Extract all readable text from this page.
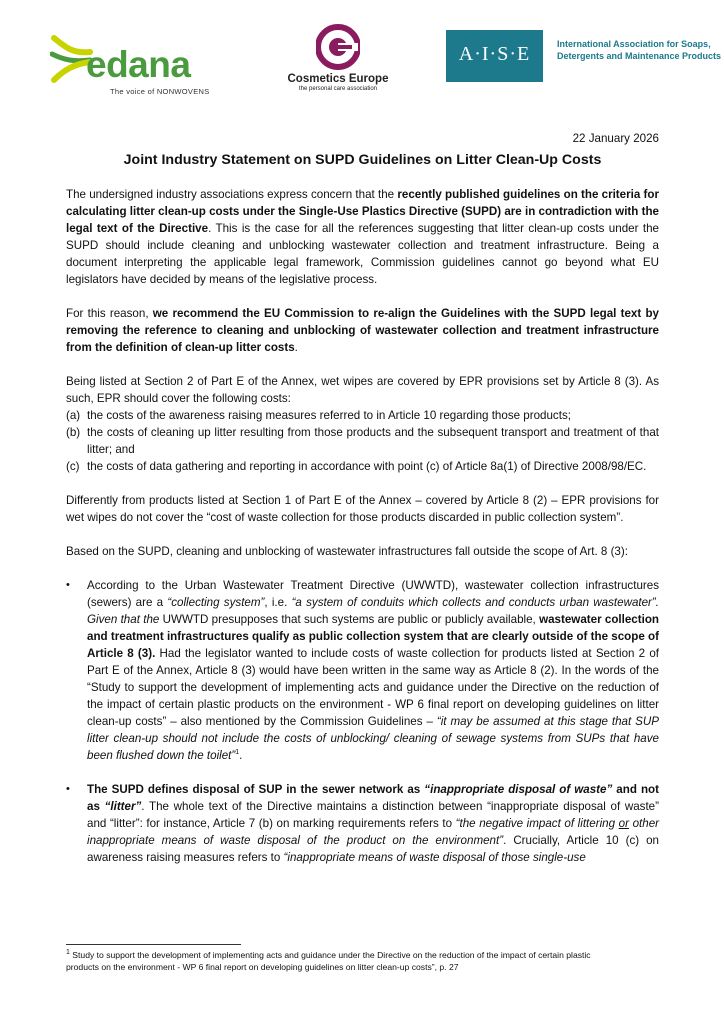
edana
The voice of NONWOVENS
Cosmetics Europe
the personal care association
A·I·S·E	International Association for Soaps,
Detergents and Maintenance Products
22 January 2026
Joint Industry Statement on SUPD Guidelines on Litter Clean-Up Costs

The undersigned industry associations express concern that the recently published guidelines on the criteria for calculating litter clean-up costs under the Single-Use Plastics Directive (SUPD) are in contradiction with the legal text of the Directive. This is the case for all the references suggesting that litter clean-up costs under the SUPD should include cleaning and unblocking wastewater collection and treatment infrastructure. Being a document interpreting the applicable legal framework, Commission guidelines cannot go beyond what EU legislators have decided by means of the legislative process.

For this reason, we recommend the EU Commission to re-align the Guidelines with the SUPD legal text by removing the reference to cleaning and unblocking of wastewater collection and treatment infrastructure from the definition of clean-up litter costs.

Being listed at Section 2 of Part E of the Annex, wet wipes are covered by EPR provisions set by Article 8 (3). As such, EPR should cover the following costs:

(a) the costs of the awareness raising measures referred to in Article 10 regarding those products;
(b) the costs of cleaning up litter resulting from those products and the subsequent transport and treatment of that litter; and
(c) the costs of data gathering and reporting in accordance with point (c) of Article 8a(1) of Directive 2008/98/EC.

Differently from products listed at Section 1 of Part E of the Annex – covered by Article 8 (2) – EPR provisions for wet wipes do not cover the “cost of waste collection for those products discarded in public collection system”.

Based on the SUPD, cleaning and unblocking of wastewater infrastructures fall outside the scope of Art. 8 (3):

•	According to the Urban Wastewater Treatment Directive (UWWTD), wastewater collection infrastructures (sewers) are a “collecting system”, i.e. “a system of conduits which collects and conducts urban wastewater”. Given that the UWWTD presupposes that such systems are public or publicly available, wastewater collection and treatment infrastructures qualify as public collection system that are clearly outside of the scope of Article 8 (3). Had the legislator wanted to include costs of waste collection for products listed at Section 2 of Part E of the Annex, Article 8 (3) would have been written in the same way as Article 8 (2). In the words of the “Study to support the development of implementing acts and guidance under the Directive on the reduction of the impact of certain plastic products on the environment - WP 6 final report on developing guidelines on litter clean-up costs” – also mentioned by the Commission Guidelines – “it may be assumed at this stage that SUP litter clean-up should not include the costs of unblocking/ cleaning of sewage systems from SUPs that have been flushed down the toilet”$^1$.
•	The SUPD defines disposal of SUP in the sewer network as “inappropriate disposal of waste” and not as “litter”. The whole text of the Directive maintains a distinction between “inappropriate disposal of waste” and “litter”: for instance, Article 7 (b) on marking requirements refers to “the negative impact of littering or other inappropriate means of waste disposal of the product on the environment”. Crucially, Article 10 (c) on awareness raising measures refers to “inappropriate means of waste disposal of those single-use
$^1$ Study to support the development of implementing acts and guidance under the Directive on the reduction of the impact of certain plastic
products on the environment - WP 6 final report on developing guidelines on litter clean-up costs”, p. 27
